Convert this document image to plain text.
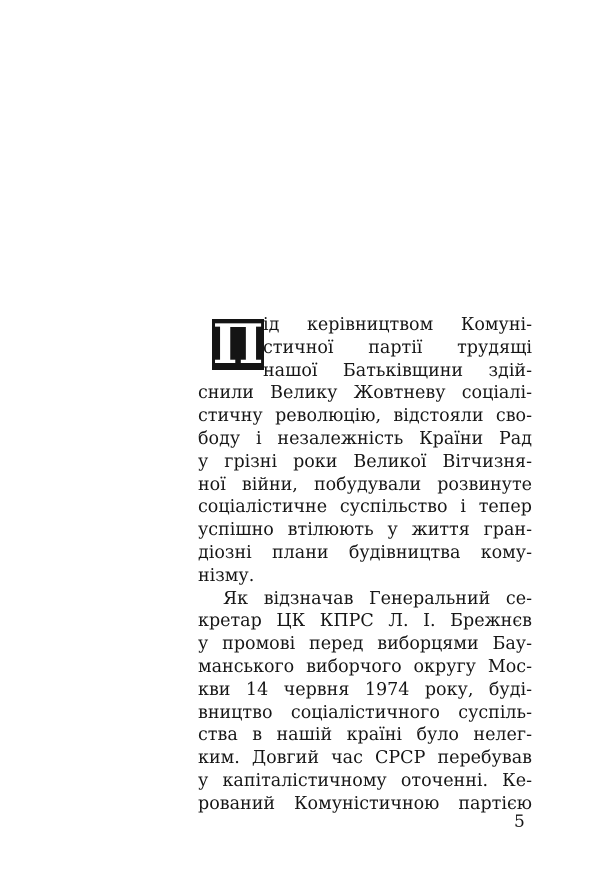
П ід керівництвом Комуні-
стичної партії трудящі
нашої Батьківщини здій-
снили Велику Жовтневу соціалі-
стичну революцію, відстояли сво-
боду і незалежність Країни Рад
у грізні роки Великої Вітчизня-
ної війни, побудували розвинуте
соціалістичне суспільство і тепер
успішно втілюють у життя гран-
діозні плани будівництва кому-
нізму.
Як відзначав Генеральний се-
кретар ЦК КПРС Л. І. Брежнєв
у промові перед виборцями Бау-
манського виборчого округу Мос-
кви 14 червня 1974 року, буді-
вництво соціалістичного суспіль-
ства в нашій країні було нелег-
ким. Довгий час СРСР перебував
у капіталістичному оточенні. Ке-
рований Комуністичною партією
5
